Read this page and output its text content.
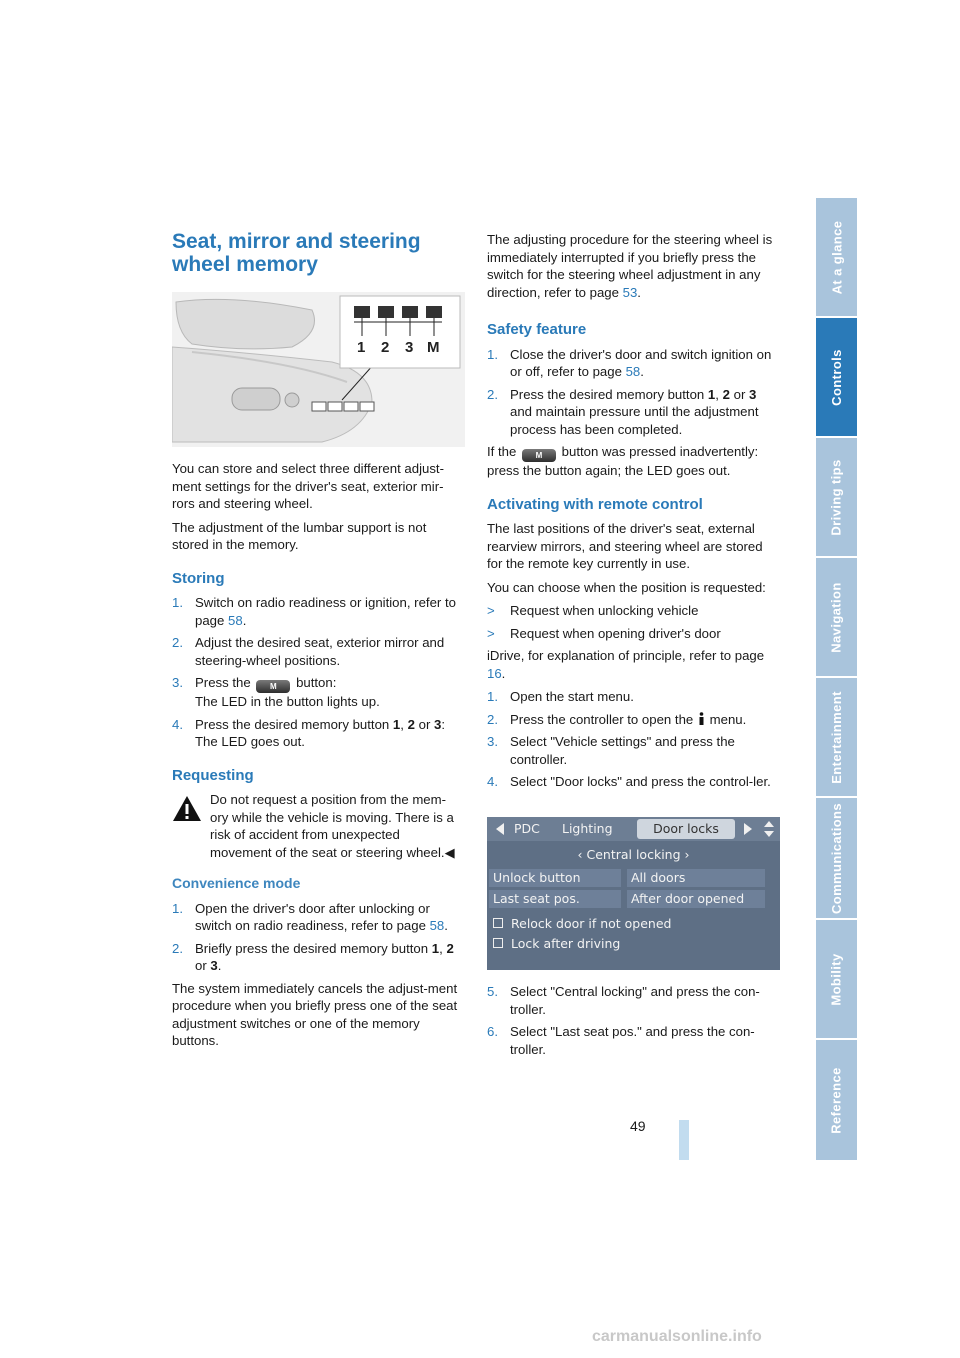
Seat, mirror and steering wheel memory
1 2 3 M

You can store and select three different adjust-ment settings for the driver's seat, exterior mir-rors and steering wheel.

The adjustment of the lumbar support is not stored in the memory.

Storing
1. Switch on radio readiness or ignition, refer to page 58.
2. Adjust the desired seat, exterior mirror and steering-wheel positions.
3. Press the M button:
The LED in the button lights up.
4. Press the desired memory button 1, 2 or 3:
The LED goes out.
Requesting

Do not request a position from the mem-ory while the vehicle is moving. There is a risk of accident from unexpected movement of the seat or steering wheel.◀

Convenience mode
1. Open the driver's door after unlocking or switch on radio readiness, refer to page 58.
2. Briefly press the desired memory button 1, 2 or 3.

The system immediately cancels the adjust-ment procedure when you briefly press one of the seat adjustment switches or one of the memory buttons.

The adjusting procedure for the steering wheel is immediately interrupted if you briefly press the switch for the steering wheel adjustment in any direction, refer to page 53.

Safety feature
1. Close the driver's door and switch ignition on or off, refer to page 58.
2. Press the desired memory button 1, 2 or 3 and maintain pressure until the adjustment process has been completed.

If the M button was pressed inadvertently: press the button again; the LED goes out.

Activating with remote control

The last positions of the driver's seat, external rearview mirrors, and steering wheel are stored for the remote key currently in use.

You can choose when the position is requested:

>	Request when unlocking vehicle
>	Request when opening driver's door

iDrive, for explanation of principle, refer to page 16.

1. Open the start menu.
2. Press the controller to open the menu.
3. Select "Vehicle settings" and press the controller.
4. Select "Door locks" and press the control-ler.
PDC Lighting	Door locks
‹ Central locking ›
Unlock button	All doors
Last seat pos.	After door opened
Relock door if not opened
Lock after driving
5. Select "Central locking" and press the con-troller.
6. Select "Last seat pos." and press the con-troller.
At a glance
Controls
Driving tips
Navigation
Entertainment
Communications
Mobility
Reference
49
carmanualsonline.info
